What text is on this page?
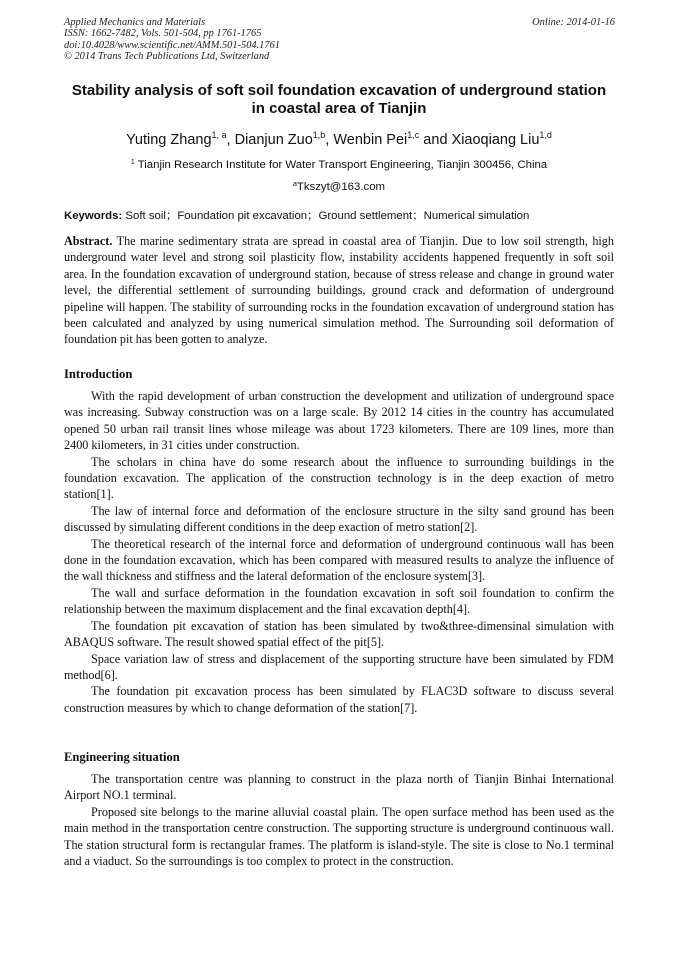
Applied Mechanics and Materials
ISSN: 1662-7482, Vols. 501-504, pp 1761-1765
doi:10.4028/www.scientific.net/AMM.501-504.1761
© 2014 Trans Tech Publications Ltd, Switzerland
Online: 2014-01-16
Stability analysis of soft soil foundation excavation of underground station in coastal area of Tianjin
Yuting Zhang$^{1, a}$, Dianjun Zuo$^{1,b}$, Wenbin Pei$^{1,c}$ and Xiaoqiang Liu$^{1,d}$
$^1$ Tianjin Research Institute for Water Transport Engineering, Tianjin 300456, China
$^a$Tkszyt@163.com
Keywords: Soft soil；Foundation pit excavation；Ground settlement；Numerical simulation
Abstract. The marine sedimentary strata are spread in coastal area of Tianjin. Due to low soil strength, high underground water level and strong soil plasticity flow, instability accidents happened frequently in soft soil area. In the foundation excavation of underground station, because of stress release and change in ground water level, the differential settlement of surrounding buildings, ground crack and deformation of underground pipeline will happen. The stability of surrounding rocks in the foundation excavation of underground station has been calculated and analyzed by using numerical simulation method. The Surrounding soil deformation of foundation pit has been gotten to analyze.
Introduction

With the rapid development of urban construction the development and utilization of underground space was increasing. Subway construction was on a large scale. By 2012 14 cities in the country has accumulated opened 50 urban rail transit lines whose mileage was about 1723 kilometers. There are 109 lines, more than 2400 kilometers, in 31 cities under construction.

The scholars in china have do some research about the influence to surrounding buildings in the foundation excavation. The application of the construction technology is in the deep exaction of metro station[1].

The law of internal force and deformation of the enclosure structure in the silty sand ground has been discussed by simulating different conditions in the deep exaction of metro station[2].

The theoretical research of the internal force and deformation of underground continuous wall has been done in the foundation excavation, which has been compared with measured results to analyze the influence of the wall thickness and stiffness and the lateral deformation of the enclosure system[3].

The wall and surface deformation in the foundation excavation in soft soil foundation to confirm the relationship between the maximum displacement and the final excavation depth[4].

The foundation pit excavation of station has been simulated by two&three-dimensinal simulation with ABAQUS software. The result showed spatial effect of the pit[5].

Space variation law of stress and displacement of the supporting structure have been simulated by FDM method[6].

The foundation pit excavation process has been simulated by FLAC3D software to discuss several construction measures by which to change deformation of the station[7].

Engineering situation

The transportation centre was planning to construct in the plaza north of Tianjin Binhai International Airport NO.1 terminal.

Proposed site belongs to the marine alluvial coastal plain. The open surface method has been used as the main method in the transportation centre construction. The supporting structure is underground continuous wall. The station structural form is rectangular frames. The platform is island-style. The site is close to No.1 terminal and a viaduct. So the surroundings is too complex to protect in the construction.
